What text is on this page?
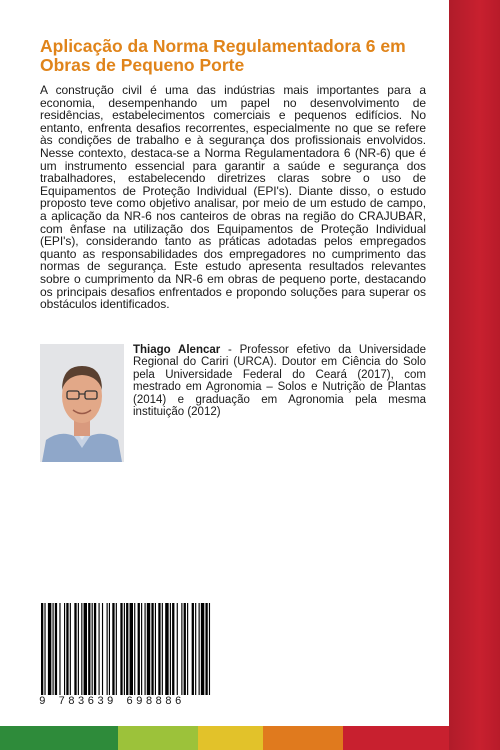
Aplicação da Norma Regulamentadora 6 em Obras de Pequeno Porte

A construção civil é uma das indústrias mais importantes para a economia, desempenhando um papel no desenvolvimento de residências, estabelecimentos comerciais e pequenos edifícios. No entanto, enfrenta desafios recorrentes, especialmente no que se refere às condições de trabalho e à segurança dos profissionais envolvidos. Nesse contexto, destaca-se a Norma Regulamentadora 6 (NR-6) que é um instrumento essencial para garantir a saúde e segurança dos trabalhadores, estabelecendo diretrizes claras sobre o uso de Equipamentos de Proteção Individual (EPI's). Diante disso, o estudo proposto teve como objetivo analisar, por meio de um estudo de campo, a aplicação da NR-6 nos canteiros de obras na região do CRAJUBAR, com ênfase na utilização dos Equipamentos de Proteção Individual (EPI's), considerando tanto as práticas adotadas pelos empregados quanto as responsabilidades dos empregadores no cumprimento das normas de segurança. Este estudo apresenta resultados relevantes sobre o cumprimento da NR-6 em obras de pequeno porte, destacando os principais desafios enfrentados e propondo soluções para superar os obstáculos identificados.

Thiago Alencar - Professor efetivo da Universidade Regional do Cariri (URCA). Doutor em Ciência do Solo pela Universidade Federal do Ceará (2017), com mestrado em Agronomia – Solos e Nutrição de Plantas (2014) e graduação em Agronomia pela mesma instituição (2012)

9 783639 698886
